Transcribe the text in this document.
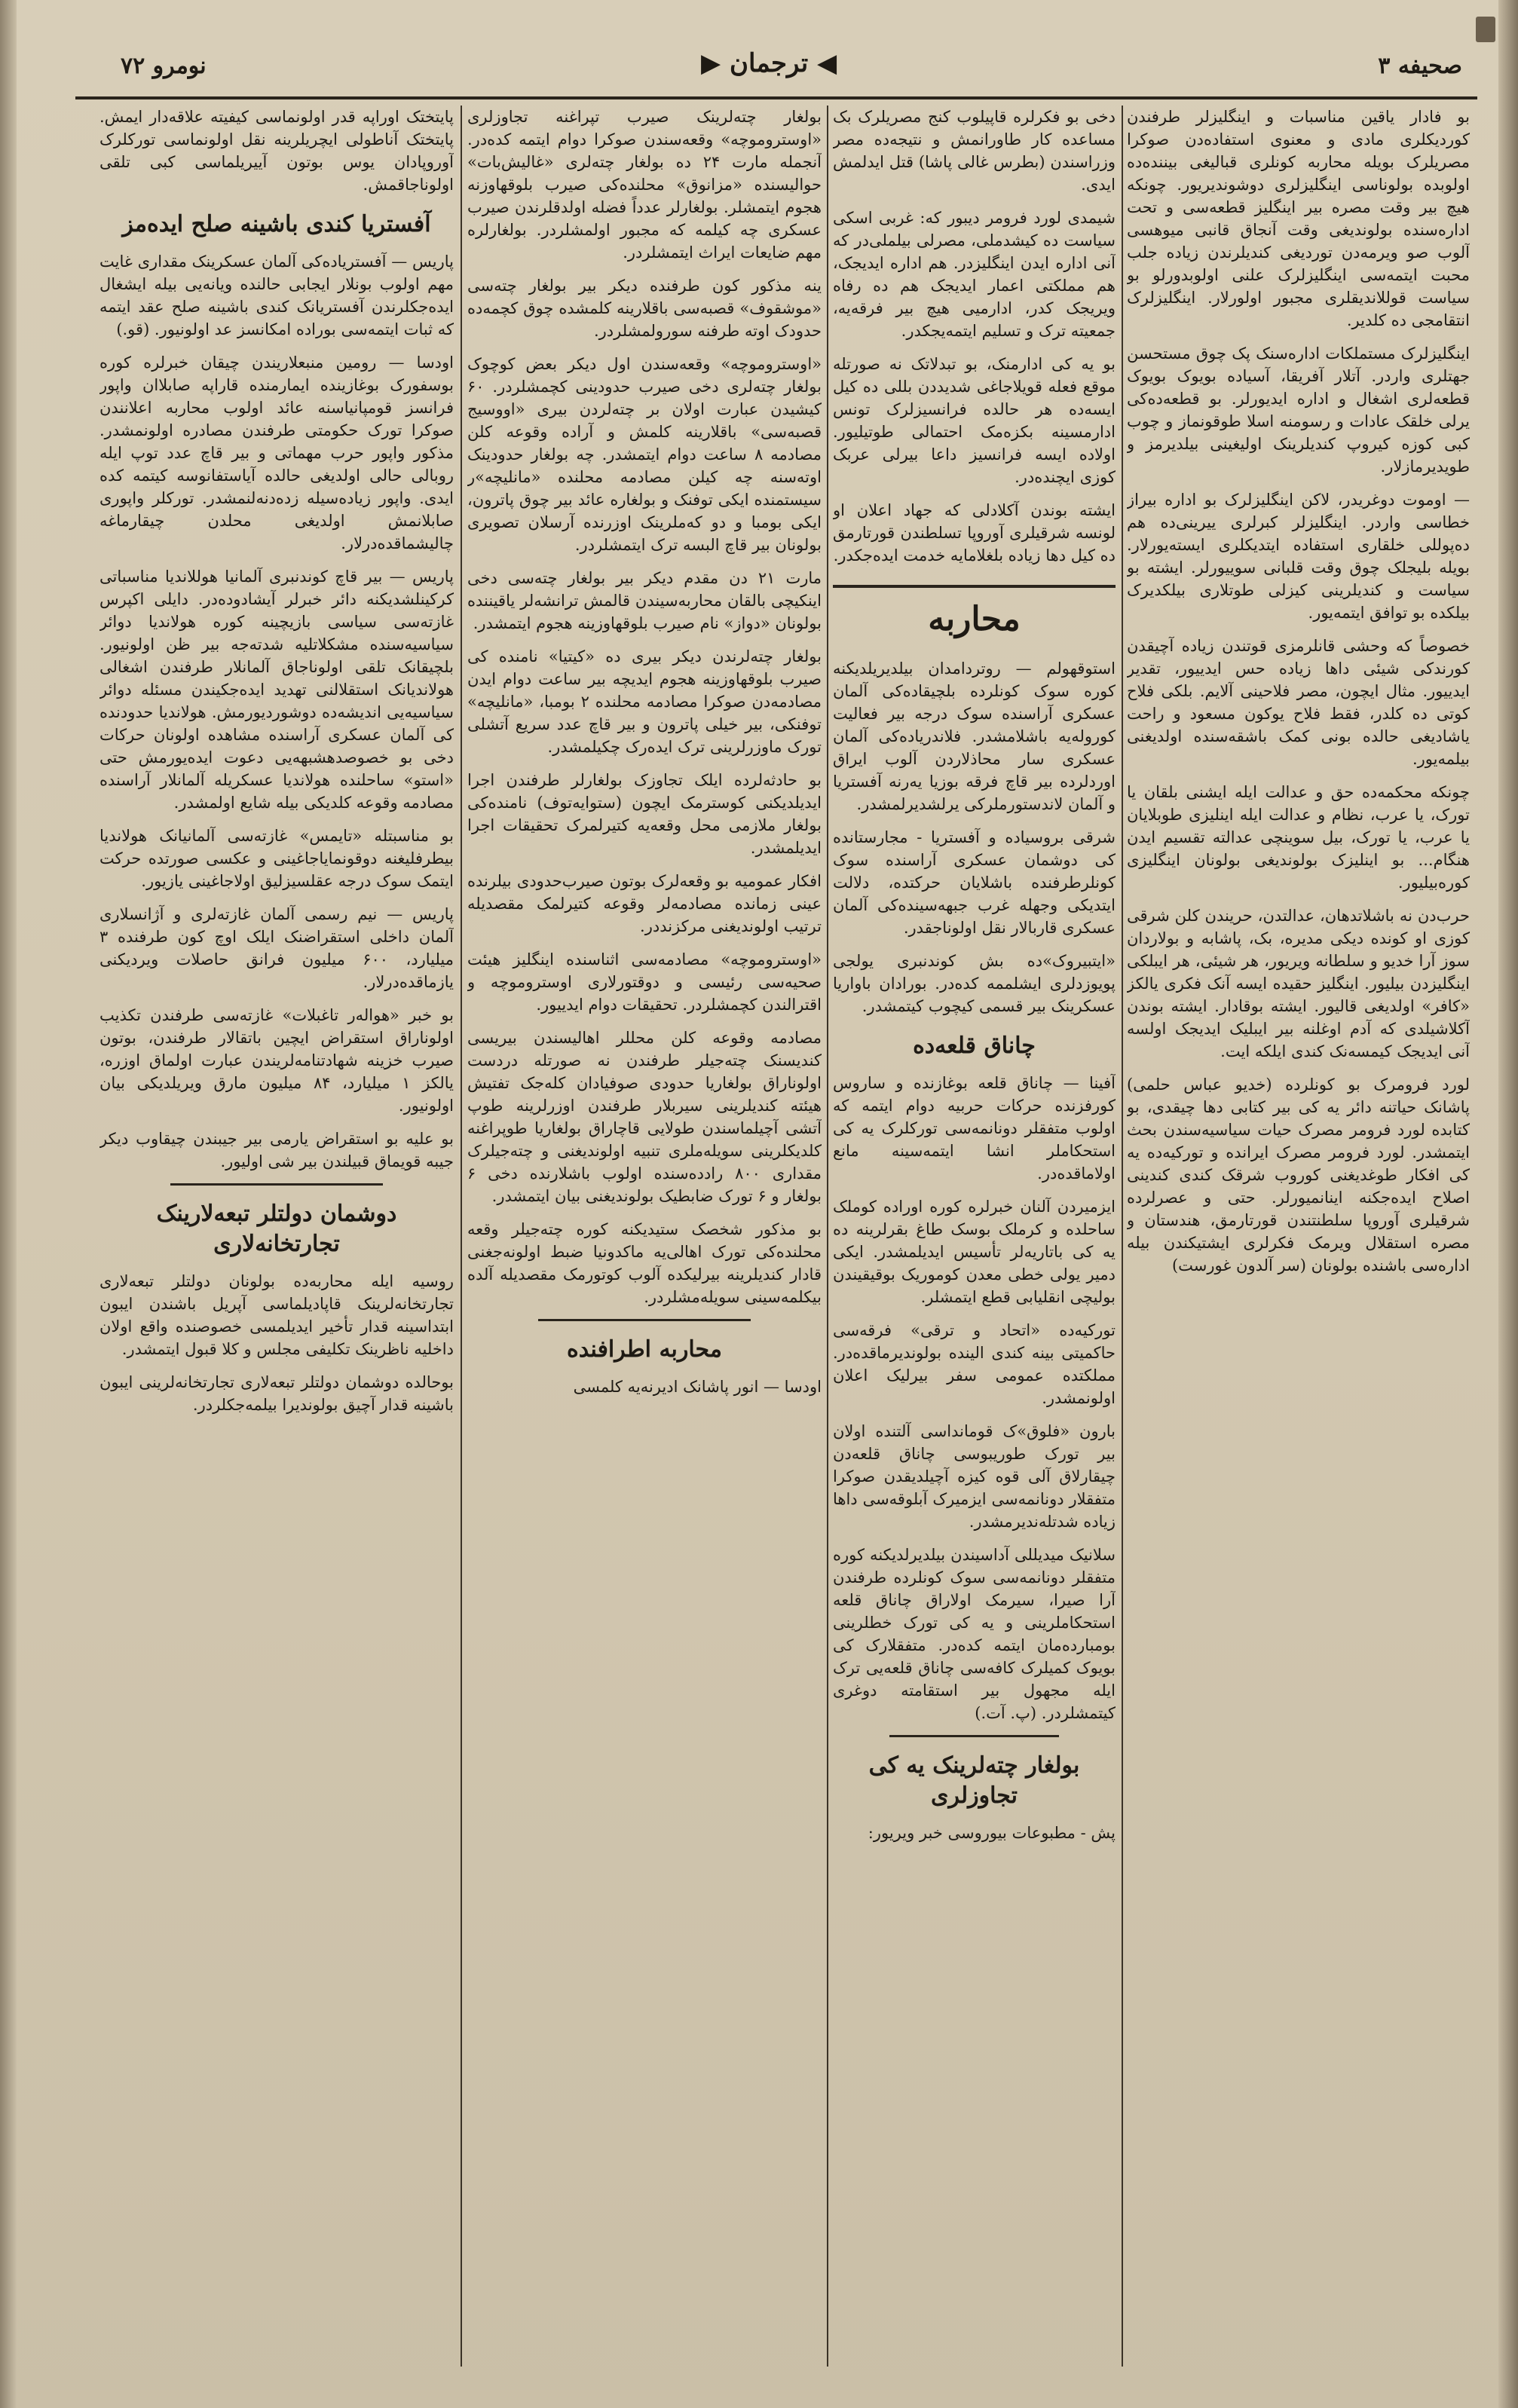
نومرو ۷۲	◀ ترجمان ▶	صحیفه ۳

بو فادار یاقین مناسبات و اینگلیزلر طرفندن کوردیکلری مادی و معنوی استفاده‌دن صوکرا مصریلرک بویله محاربه کونلری قبالیغی بیننده‌ده اولوبده بولوناسی اینگلیزلری دوشوندیریور. چونکه هیچ بیر وقت مصره بیر اینگلیز قطعه‌سی و تحت اداره‌سنده بولوندیغی وقت آنجاق قانبی میوهسی آلوب صو ویرمه‌دن توردیغی کندیلرندن زیاده جلب محبت ایتمه‌سی اینگلیزلرک علنی اولوبدورلو بو سیاست قوللاندیقلری مجبور اولورلار. اینگلیزلرک انتقامجی ده کلدیر.

اینگلیزلرک مستملکات اداره‌سنک پک چوق مستحسن جهتلری واردر. آتلار آفریقا، آسیاده بویوک بویوک قطعه‌لری اشغال و اداره ایدیورلر. بو قطعه‌ده‌کی یرلی خلقک عادات و رسومنه اسلا طوقونماز و چوب کبی کوزه کیروپ کندیلرینک اولیغینی بیلدیرمز و طویدیرمازلار.

— اوموت دوغریدر، لاکن اینگلیزلرک بو اداره بیراز خطاسی واردر. اینگلیزلر کبرلری ییرینی‌ده هم ده‌پوللی خلقاری استفاده ایتدیکلری ایسته‌یورلار. بویله بلیجلک چوق وقت قلبانی سوییورلر. ایشته بو سیاست و کندیلرینی کیزلی طوتلاری بیلکدیرک بیلکده بو توافق ایتمه‌یور.

خصوصاً که وحشی قانلرمزی قوتندن زیاده آچیقدن کورندکی شیئی داها زیاده حس ایدییور، تقدیر ایدییور. مثال ایچون، مصر فلاحینی آلایم. بلکی فلاح کوتی ده کلدر، فقط فلاح یوکون مسعود و راحت یاشادیغی حالده بونی کمک باشقه‌سنده اولدیغنی بیلمه‌یور.

چونکه محکمه‌ده حق و عدالت ایله ایشنی بلقان یا تورک، یا عرب، نظام و عدالت ایله اینلیزی طوبلایان یا عرب، یا تورک، بیل سوینچی عدالته تقسیم ایدن هنگام... بو اینلیزک بولوندیغی بولونان اینگلیزی کوره‌بیلیور.

حرب‌دن نه باشلاتدهان، عدالتدن، حریندن کلن شرقی کوزی او کونده دیکی مدیره، بک، پاشابه و بولاردان سوز آرا خدیو و سلطانه ویریور، هر شیئی، هر ایبلکی اینگلیزدن بیلیور. اینگلیز حقیده ایسه آنک فکری یالکز «کافر» اولدیغی قالیور. ایشته بوقادار. ایشته بوندن آکلاشیلدی که آدم اوغلنه بیر ایبلیک ایدیجک اولسه آنی ایدیجک کیمسه‌نک کندی ایلکه ایت.

لورد فرومرک بو کونلرده (خدیو عباس حلمی) پاشانک حیاتنه دائر یه کی بیر کتابی دها چیقدی، بو کتابده لورد فرومر مصرک حیات سیاسیه‌سندن بحث ایتمشدر. لورد فرومر مصرک ایرانده و تورکیه‌ده یه کی افکار طوغدیغنی کوروب شرقک کندی کندینی اصلاح ایده‌جکنه اینانمیورلر. حتی و عصرلرده شرقیلری آوروپا سلطنتندن قورتارمق، هندستان و مصره استقلال ویرمک فکرلری ایشتیکندن بیله اداره‌سی باشنده بولونان (سر آلدون غورست)

دخی بو فکرلره قاپیلوب کنج مصریلرک بک مساعده کار طاورانمش و نتیجه‌ده مصر وزراسندن (بطرس غالی پاشا) قتل ایدلمش ایدی.

شیمدی لورد فرومر دیبور که: غربی اسکی سیاست ده کیشدملی، مصرلی بیلملی‌در که آنی اداره ایدن اینگلیزدر. هم اداره ایدیجک، هم مملکتی اعمار ایدیجک هم ده رفاه ویریجک کدر، ادارمیی هیچ بیر فرقه‌یه، جمعیته ترک و تسلیم ایتمه‌یجکدر.

بو یه کی ادارمنک، بو تبدلاتک نه صورتله موقع فعله قویلاجاغی شدیددن بللی ده کیل ایسه‌ده هر حالده فرانسیزلرک تونس ادارمسینه بکزه‌مک احتمالی طوتیلیور. اولاده ایسه فرانسیز داعا بیرلی عربک کوزی ایچنده‌در.

ایشته بوندن آکلادلی که جهاد اعلان او لونسه شرقیلری آوروپا تسلطندن قورتارمق ده کیل دها زیاده بلغلامایه خدمت ایده‌جکدر.

محاربه

استوقهولم — روتردامدان بیلدیریلدیکنه کوره سوک کونلرده بلچیقاده‌کی آلمان عسکری آراسنده سوک درجه بیر فعالیت کوروله‌یه باشلامشدر. فلاندریاده‌کی آلمان عسکری سار محاذلاردن آلوب ایراق اوردلرده بیر قاچ فرقه بوزیا یه‌رنه آفستریا و آلمان لاندستورملرکی یرلشدیرلمشدر.

شرقی بروسیاده و آفستریا - مجارستانده کی دوشمان عسکری آراسنده سوک کونلرطرفنده باشلایان حرکتده، دلالت ایتدیکی وجهله غرب جبهه‌سینده‌کی آلمان عسکری قاربالار نقل اولوناجقدر.

«ایتبیروک»ده بش کوندنبری یولجی پویوزدلری ایشلممه کده‌در. بورادان باواریا عسکرینک بیر قسمی کیچوب کیتمشدر.

چاناق قلعه‌ده

آفینا — چاناق قلعه بوغازنده و ساروس کورفزنده حرکات حربیه دوام ایتمه که اولوب متفقلر دونانمه‌سی تورکلرک یه کی استحکاملر انشا ایتمه‌سینه مانع اولاماقده‌در.

ایزمیردن آلنان خبرلره کوره اوراده کوملک ساحلده و کرملک بوسک طاغ بقرلرینه ده یه کی باتاریه‌لر تأسیس ایدیلمشدر. ایکی دمیر یولی خطی معدن کوموریک بوقیقیندن بولیچی انقلیابی قطع ایتمشلر.

تورکیه‌ده «اتحاد و ترقی» فرقه‌سی حاکمیتی بینه کندی الینده بولوندیرماقده‌در. مملکتده عمومی سفر بیرلیک اعلان اولونمشدر.

بارون «فلوق»ک قومانداسی آلتنده اولان بیر تورک طوریبوسی چاناق قلعه‌دن چیقارلاق آلی قوه کیزه آچیلدیقدن صوکرا متفقلار دونانمه‌سی ایزمیرک آبلوقه‌سی داها زیاده شدتله‌ندیرمشدر.

سلانیک میدیللی آداسیندن بیلدیرلدیکنه کوره متفقلر دونانمه‌سی سوک کونلرده طرفندن آرا صیرا، سیرمک اولاراق چاناق قلعه استحکاملرینی و یه کی تورک خطلرینی بومبارده‌مان ایتمه کده‌در. متفقلارک کی بویوک کمیلرک کافه‌سی چاناق قلعه‌یی ترک ایله مجهول بیر استقامته دوغری کیتمشلردر. (پ. آت.)

بولغار چته‌لرینک یه کی تجاوزلری

پش - مطبوعات بیوروسی خبر ویریور:

بولغار چته‌لرینک صیرب تپراغنه تجاوزلری «اوستروموچه» وقعه‌سندن صوکرا دوام ایتمه کده‌در. آنجمله مارت ۲۴ ده بولغار چته‌لری «غالیش‌بات» حوالیسنده «مزانوق» محلنده‌کی صیرب بلوقهاوزنه هجوم ایتمشلر. بولغارلر عدداً فضله اولدقلرندن صیرب عسکری چه کیلمه که مجبور اولمشلردر. بولغارلره مهم ضایعات ایراث ایتمشلردر.

ینه مذکور کون طرفنده دیکر بیر بولغار چته‌سی «موشقوف» قصبه‌سی باقلارینه کلمشده چوق کچمه‌ده حدودک اوته طرفنه سورولمشلردر.

«اوستروموچه» وقعه‌سندن اول دیکر بعض کوچوک بولغار چته‌لری دخی صیرب حدودینی کچمشلردر. ۶۰ کیشیدن عبارت اولان بر چته‌لردن بیری «اووسیج قصبه‌سی» باقلارینه کلمش و آراده وقوعه کلن مصادمه ۸ ساعت دوام ایتمشدر. چه بولغار حدودینک اوته‌سنه چه کیلن مصادمه محلنده «مانلیچه»ر سیستمنده ایکی توفنک و بولغاره عائد بیر چوق پاترون، ایکی بومبا و دو که‌ملرینک اوزرنده آرسلان تصویری بولونان بیر قاچ البسه ترک ایتمشلردر.

مارت ۲۱ دن مقدم دیکر بیر بولغار چته‌سی دخی اینکیچی بالقان محاربه‌سیندن قالمش ترانشه‌لر یاقیننده بولونان «دواز» نام صیرب بلوقهاوزینه هجوم ایتمشدر.

بولغار چته‌لرندن دیکر بیری ده «کیتیا» نامنده کی صیرب بلوقهاوزینه هجوم ایدیچه بیر ساعت دوام ایدن مصادمه‌دن صوکرا مصادمه محلنده ۲ بومبا، «مانلیچه» توفنکی، بیر خیلی پاترون و بیر قاچ عدد سریع آتشلی تورک ماوزرلرینی ترک ایده‌رک چکیلمشدر.

بو حادثه‌لرده ایلک تجاوزک بولغارلر طرفندن اجرا ایدیلدیکنی کوسترمک ایچون (ستوایه‌توف) نامنده‌کی بولغار ملازمی محل وقعه‌یه کتیرلمرک تحقیقات اجرا ایدیلمشدر.

افکار عمومیه بو وقعه‌لرک بوتون صیرب‌حدودی بیلرنده عینی زمانده مصادمه‌لر وقوعه کتیرلمک مقصدیله ترتیب اولوندیغنی مرکزنددر.

«اوستروموچه» مصادمه‌سی اثناسنده اینگلیز هیئت صحیه‌سی رئیسی و دوقتورلاری اوستروموچه و اقترالندن کچمشلردر. تحقیقات دوام ایدییور.

مصادمه وقوعه کلن محللر اهالیسندن بیریسی کندیسنک چته‌جیلر طرفندن نه صورتله دردست اولوناراق بولغاریا حدودی صوفیادان کله‌جک تفتیش هیئته کندیلرینی سیربلار طرفندن اوزرلرینه طوپ آتشی آچیلماسندن طولایی قاچاراق بولغاریا طوپراغنه کلدیکلرینی سویله‌ملری تنبیه اولوندیغنی و چته‌جیلرک مقداری ۸۰۰ رادده‌سنده اولوب باشلارنده دخی ۶ بولغار و ۶ تورک ضابطیک بولوندیغنی بیان ایتمشدر.

بو مذکور شخصک ستیدیکنه کوره چته‌جیلر وقعه محلنده‌کی تورک اهالی‌یه ماکدونیا ضبط اولونه‌جغنی قادار کندیلرینه بیرلیکده آلوب کوتورمک مقصدیله آلده بیکلمه‌سینی سویله‌مشلردر.

محاربه اطرافنده

اودسا — انور پاشانک ادیرنه‌یه کلمسی

پایتختک اوراپه قدر اولونماسی کیفیته علاقه‌دار ایمش. پایتختک آناطولی ایچریلرینه نقل اولونماسی تورکلرک آوروپادان یوس بوتون آییریلماسی کبی تلقی اولوناجاقمش.

آفستریا کندی باشینه صلح ایده‌مز

پاریس — آفستریاده‌کی آلمان عسکرینک مقداری غایت مهم اولوب بونلار ایجابی حالنده ویانه‌یی بیله ایشغال ایده‌جکلرندن آفستریانک کندی باشینه صلح عقد ایتمه که ثبات ایتمه‌سی بوراده امکانسز عد اولونیور. (قو.)

اودسا — رومین منبعلاریندن چیقان خبرلره کوره بوسفورک بوغازینده ایمارمنده قاراپه صابلاان واپور فرانسز قومپانیاسنه عائد اولوب محاربه اعلانندن صوکرا تورک حکومتی طرفندن مصادره اولونمشدر. مذکور واپور حرب مهماتی و بیر قاچ عدد توپ ایله روبالی حالی اولدیغی حالده آیاستفانوسه کیتمه کده ایدی. واپور زیاده‌سیله زده‌دنه‌لنمشدر. تورکلر واپوری صابلانمش اولدیغی محلدن چیقارماغه چالیشماقده‌درلار.

پاریس — بیر قاچ کوندنبری آلمانیا هوللاندیا مناسباتی کرکینلشدیکنه دائر خبرلر آیشادوده‌در. دایلی اکپرس غازته‌سی سیاسی بازیچینه کوره هولاندیا دوائر سیاسیه‌سنده مشکلاتلیه شدته‌جه بیر ظن اولونیور. بلچیقانک تلقی اولوناجاق آلمانلار طرفندن اشغالی هولاندیانک استقلالنی تهدید ایده‌جکیندن مسئله دوائر سیاسیه‌یی اندیشه‌ده دوشوردیورمش. هولاندیا حدودنده کی آلمان عسکری آراسنده مشاهده اولونان حرکات دخی بو خصوصدهشبهه‌یی دعوت ایده‌یورمش حتی «استو» ساحلنده هولاندیا عسکریله آلمانلار آراسنده مصادمه وقوعه کلدیکی بیله شایع اولمشدر.

بو مناسبتله «تایمس» غازته‌سی آلمانیانک هولاندیا بیطرفلیغنه دوقونمایاجاغینی و عکسی صورتده حرکت ایتمک سوک درجه عقلسیزلیق اولاجاغینی یازیور.

پاریس — نیم رسمی آلمان غازته‌لری و آژانسلاری آلمان داخلی استقراضنک ایلک اوچ کون طرفنده ۳ میلیارد، ۶۰۰ میلیون فرانق حاصلات ویردیکنی یازماقده‌درلار.

بو خبر «هواله‌ر تاغبلات» غازته‌سی طرفندن تکذیب اولوناراق استقراض ایچین باتقالار طرفندن، بوتون صیرب خزینه شهادتنامه‌لریندن عبارت اولماق اوزره، یالکز ۱ میلیارد، ۸۴ میلیون مارق ویریلدیکی بیان اولونیور.

بو علیه بو استقراض یارمی بیر جیبندن چیقاوب دیکر جیبه قویماق قبیلندن بیر شی اولیور.

دوشمان دولتلر تبعه‌لارینک تجارتخانه‌لاری

روسیه ایله محاربه‌ده بولونان دولتلر تبعه‌لاری تجارتخانه‌لرینک قاپادیلماسی آپریل باشندن ایبون ابتداسینه قدار تأخیر ایدیلمسی خصوصنده واقع اولان داخلیه ناظرینک تکلیفی مجلس و کلا قبول ایتمشدر.

بوحالده دوشمان دولتلر تبعه‌لاری تجارتخانه‌لرینی ایبون باشینه قدار آچیق بولوندیرا بیلمه‌جکلردر.
